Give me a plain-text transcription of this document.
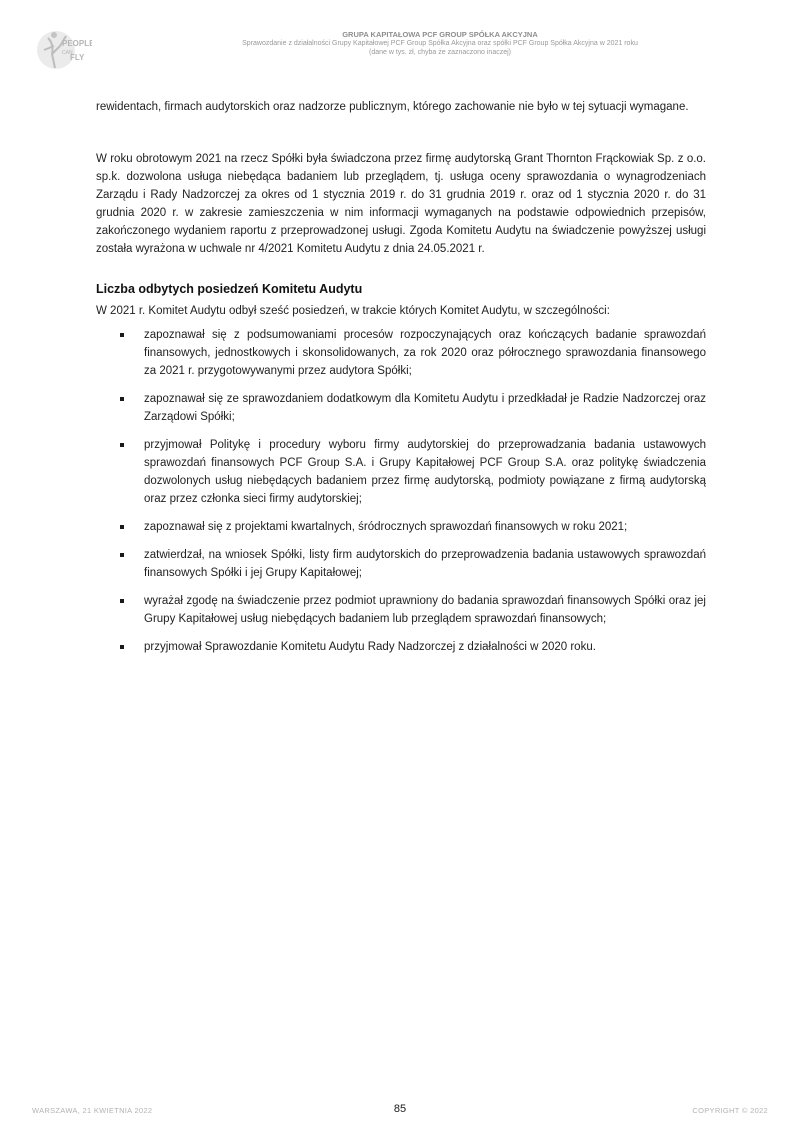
PEOPLE
CAN
FLY
GRUPA KAPITAŁOWA PCF GROUP SPÓŁKA AKCYJNA
Sprawozdanie z działalności Grupy Kapitałowej PCF Group Spółka Akcyjna oraz spółki PCF Group Spółka Akcyjna w 2021 roku
(dane w tys. zł, chyba że zaznaczono inaczej)

rewidentach, firmach audytorskich oraz nadzorze publicznym, którego zachowanie nie było w tej sytuacji wymagane.

W roku obrotowym 2021 na rzecz Spółki była świadczona przez firmę audytorską Grant Thornton Frąckowiak Sp. z o.o. sp.k. dozwolona usługa niebędąca badaniem lub przeglądem, tj. usługa oceny sprawozdania o wynagrodzeniach Zarządu i Rady Nadzorczej za okres od 1 stycznia 2019 r. do 31 grudnia 2019 r. oraz od 1 stycznia 2020 r. do 31 grudnia 2020 r. w zakresie zamieszczenia w nim informacji wymaganych na podstawie odpowiednich przepisów, zakończonego wydaniem raportu z przeprowadzonej usługi. Zgoda Komitetu Audytu na świadczenie powyższej usługi została wyrażona w uchwale nr 4/2021 Komitetu Audytu z dnia 24.05.2021 r.

Liczba odbytych posiedzeń Komitetu Audytu

W 2021 r. Komitet Audytu odbył sześć posiedzeń, w trakcie których Komitet Audytu, w szczególności:

zapoznawał się z podsumowaniami procesów rozpoczynających oraz kończących badanie sprawozdań finansowych, jednostkowych i skonsolidowanych, za rok 2020 oraz półrocznego sprawozdania finansowego za 2021 r. przygotowywanymi przez audytora Spółki;
zapoznawał się ze sprawozdaniem dodatkowym dla Komitetu Audytu i przedkładał je Radzie Nadzorczej oraz Zarządowi Spółki;
przyjmował Politykę i procedury wyboru firmy audytorskiej do przeprowadzania badania ustawowych sprawozdań finansowych PCF Group S.A. i Grupy Kapitałowej PCF Group S.A. oraz politykę świadczenia dozwolonych usług niebędących badaniem przez firmę audytorską, podmioty powiązane z firmą audytorską oraz przez członka sieci firmy audytorskiej;
zapoznawał się z projektami kwartalnych, śródrocznych sprawozdań finansowych w roku 2021;
zatwierdzał, na wniosek Spółki, listy firm audytorskich do przeprowadzenia badania ustawowych sprawozdań finansowych Spółki i jej Grupy Kapitałowej;
wyrażał zgodę na świadczenie przez podmiot uprawniony do badania sprawozdań finansowych Spółki oraz jej Grupy Kapitałowej usług niebędących badaniem lub przeglądem sprawozdań finansowych;
przyjmował Sprawozdanie Komitetu Audytu Rady Nadzorczej z działalności w 2020 roku.
WARSZAWA, 21 KWIETNIA 2022	85	COPYRIGHT © 2022
